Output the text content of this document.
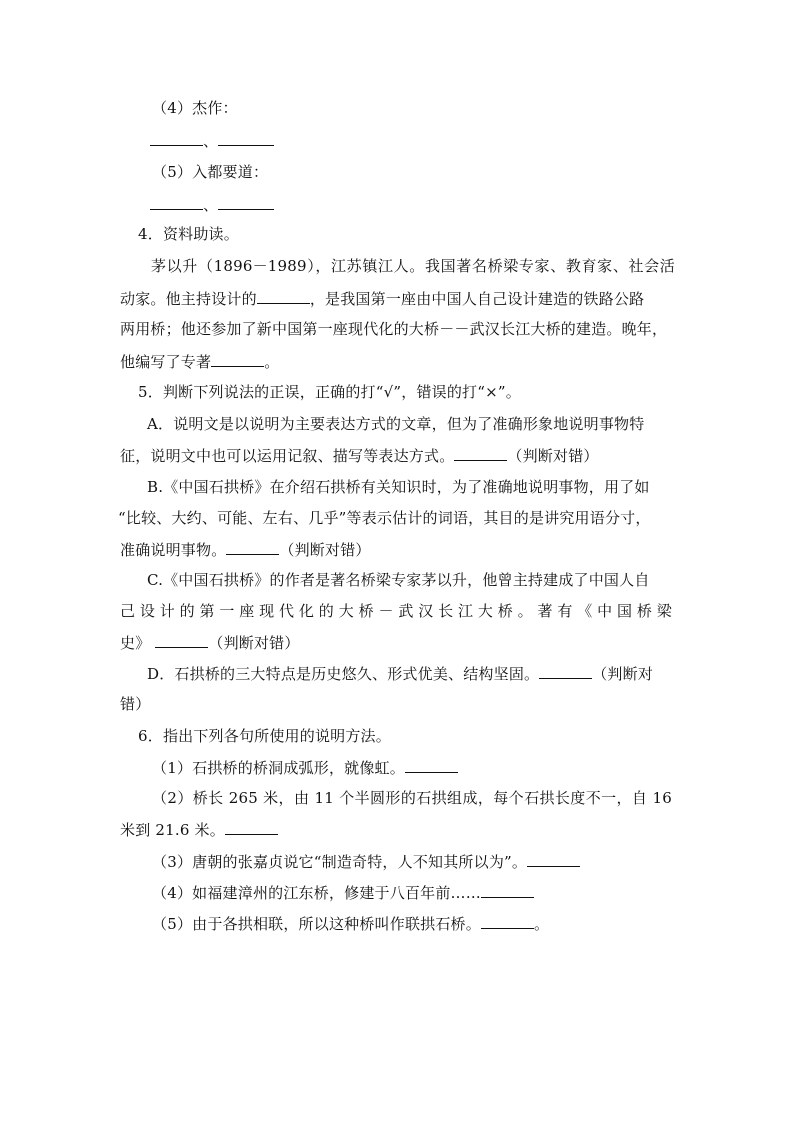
（4）杰作：
、
（5）入都要道：
、
4．资料助读。
茅以升（1896－1989），江苏镇江人。我国著名桥梁专家、教育家、社会活
动家。他主持设计的	，是我国第一座由中国人自己设计建造的铁路公路
两用桥；他还参加了新中国第一座现代化的大桥－－武汉长江大桥的建造。晚年，
他编写了专著	。
5．判断下列说法的正误，正确的打“√”，错误的打“×”。
A．说明文是以说明为主要表达方式的文章，但为了准确形象地说明事物特
征，说明文中也可以运用记叙、描写等表达方式。	（判断对错）
B.《中国石拱桥》在介绍石拱桥有关知识时，为了准确地说明事物，用了如
“比较、大约、可能、左右、几乎”等表示估计的词语，其目的是讲究用语分寸，
准确说明事物。	（判断对错）
C.《中国石拱桥》的作者是著名桥梁专家茅以升，他曾主持建成了中国人自
己设计的第一座现代化的大桥－武汉长江大桥。著有《中国桥梁
史》	（判断对错）
D．石拱桥的三大特点是历史悠久、形式优美、结构坚固。	（判断对
错）
6．指出下列各句所使用的说明方法。
（1）石拱桥的桥洞成弧形，就像虹。
（2）桥长 265 米，由 11 个半圆形的石拱组成，每个石拱长度不一，自 16
米到 21.6 米。
（3）唐朝的张嘉贞说它“制造奇特，人不知其所以为”。
（4）如福建漳州的江东桥，修建于八百年前……
（5）由于各拱相联，所以这种桥叫作联拱石桥。	。
